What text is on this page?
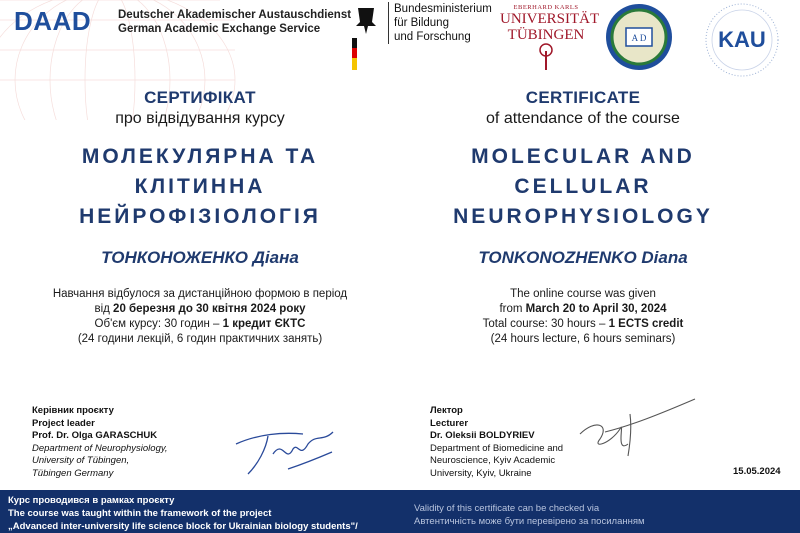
DAAD Deutscher Akademischer Austauschdienst
German Academic Exchange Service
Bundesministerium
für Bildung
und Forschung
EBERHARD KARLS
UNIVERSITÄT
TÜBINGEN	A D	KAU
СЕРТИФІКАТ
про відвідування курсу
МОЛЕКУЛЯРНА ТА
КЛІТИННА
НЕЙРОФІЗІОЛОГІЯ
ТОНКОНОЖЕНКО Діана
Навчання відбулося за дистанційною формою в період
від 20 березня до 30 квітня 2024 року
Об'єм курсу: 30 годин – 1 кредит ЄКТС
(24 години лекцій, 6 годин практичних занять)
CERTIFICATE
of attendance of the course
MOLECULAR AND
CELLULAR
NEUROPHYSIOLOGY
TONKONOZHENKO Diana
The online course was given
from March 20 to April 30, 2024
Total course: 30 hours – 1 ECTS credit
(24 hours lecture, 6 hours seminars)
Керівник проєкту
Project leader
Prof. Dr. Olga GARASCHUK
Department of Neurophysiology,
University of Tübingen,
Tübingen Germany
Лектор
Lecturer
Dr. Oleksii BOLDYRIEV
Department of Biomedicine and
Neuroscience, Kyiv Academic
University, Kyiv, Ukraine	15.05.2024
Курс проводився в рамках проєкту
The course was taught within the framework of the project
„Advanced inter-university life science block for Ukrainian biology students"/
Validity of this certificate can be checked via
Автентичність може бути перевірено за посиланням
